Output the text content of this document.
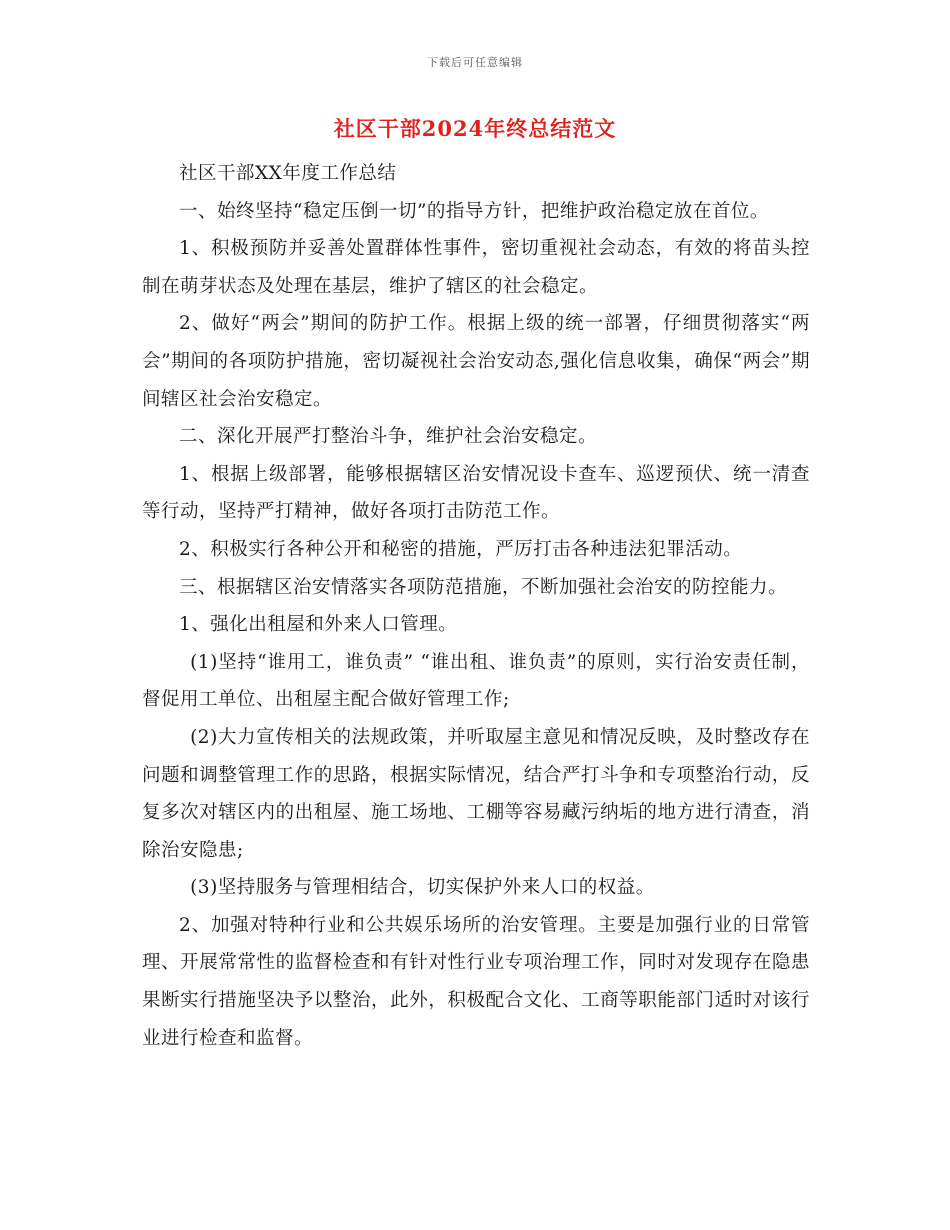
下载后可任意编辑
社区干部2024年终总结范文

社区干部XX年度工作总结

一、始终坚持“稳定压倒一切”的指导方针，把维护政治稳定放在首位。

1、积极预防并妥善处置群体性事件，密切重视社会动态，有效的将苗头控制在萌芽状态及处理在基层，维护了辖区的社会稳定。

2、做好“两会”期间的防护工作。根据上级的统一部署，仔细贯彻落实“两会”期间的各项防护措施，密切凝视社会治安动态,强化信息收集，确保“两会”期间辖区社会治安稳定。

二、深化开展严打整治斗争，维护社会治安稳定。

1、根据上级部署，能够根据辖区治安情况设卡查车、巡逻预伏、统一清查等行动，坚持严打精神，做好各项打击防范工作。

2、积极实行各种公开和秘密的措施，严厉打击各种违法犯罪活动。

三、根据辖区治安情落实各项防范措施，不断加强社会治安的防控能力。

1、强化出租屋和外来人口管理。

(1)坚持“谁用工，谁负责” “谁出租、谁负责”的原则，实行治安责任制，督促用工单位、出租屋主配合做好管理工作;

(2)大力宣传相关的法规政策，并听取屋主意见和情况反映，及时整改存在问题和调整管理工作的思路，根据实际情况，结合严打斗争和专项整治行动，反复多次对辖区内的出租屋、施工场地、工棚等容易藏污纳垢的地方进行清查，消除治安隐患;

(3)坚持服务与管理相结合，切实保护外来人口的权益。

2、加强对特种行业和公共娱乐场所的治安管理。主要是加强行业的日常管理、开展常常性的监督检查和有针对性行业专项治理工作，同时对发现存在隐患果断实行措施坚决予以整治，此外，积极配合文化、工商等职能部门适时对该行业进行检查和监督。
